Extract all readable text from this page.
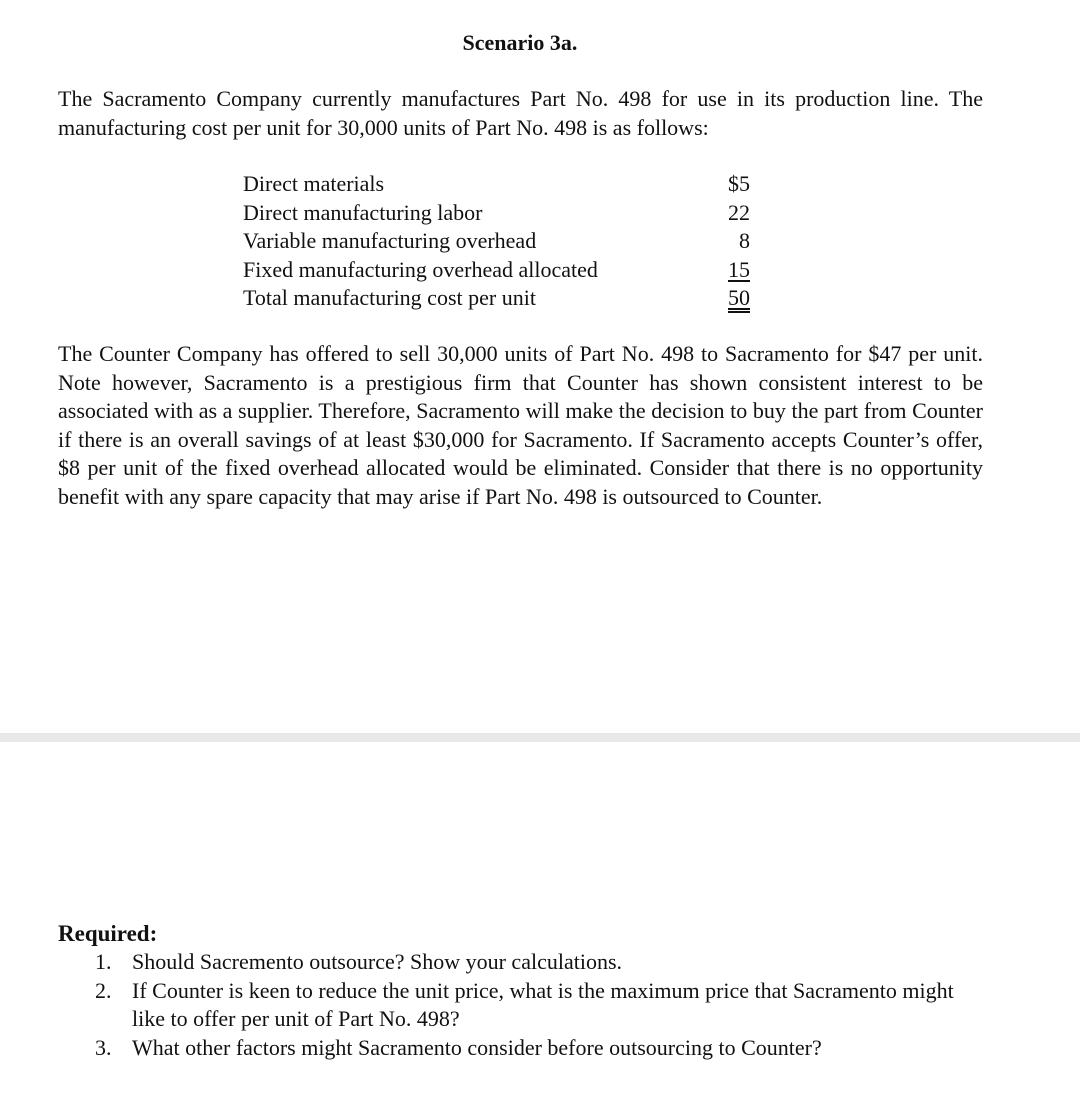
Scenario 3a.
The Sacramento Company currently manufactures Part No. 498 for use in its production line. The manufacturing cost per unit for 30,000 units of Part No. 498 is as follows:
Direct materials	$5
Direct manufacturing labor	22
Variable manufacturing overhead	8
Fixed manufacturing overhead allocated	15
Total manufacturing cost per unit	50
The Counter Company has offered to sell 30,000 units of Part No. 498 to Sacramento for $47 per unit. Note however, Sacramento is a prestigious firm that Counter has shown consistent interest to be associated with as a supplier. Therefore, Sacramento will make the decision to buy the part from Counter if there is an overall savings of at least $30,000 for Sacramento. If Sacramento accepts Counter’s offer, $8 per unit of the fixed overhead allocated would be eliminated. Consider that there is no opportunity benefit with any spare capacity that may arise if Part No. 498 is outsourced to Counter.
Required:
1. Should Sacremento outsource? Show your calculations.
2. If Counter is keen to reduce the unit price, what is the maximum price that Sacramento might like to offer per unit of Part No. 498?
3. What other factors might Sacramento consider before outsourcing to Counter?
